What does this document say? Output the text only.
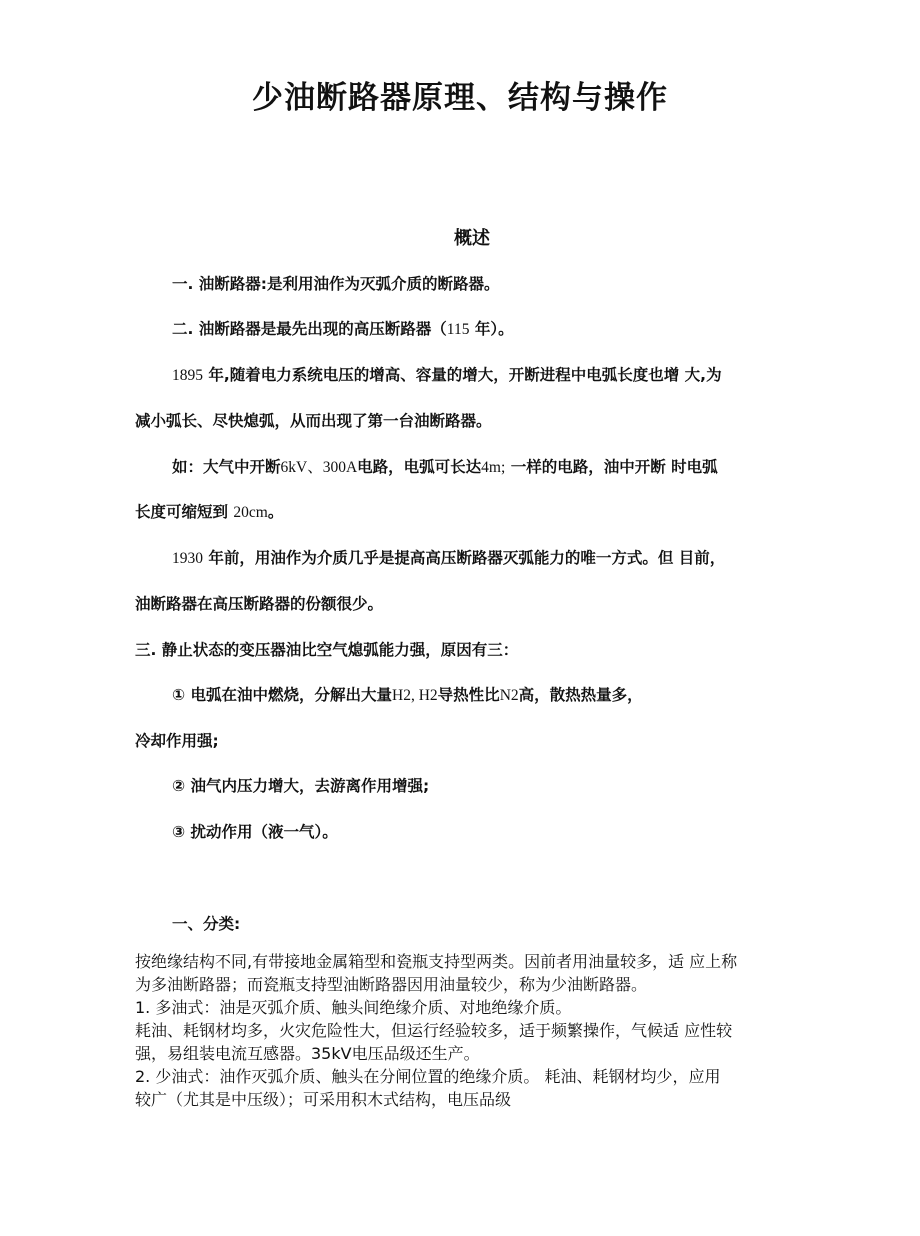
少油断路器原理、结构与操作
概述
一. 油断路器:是利用油作为灭弧介质的断路器。
二. 油断路器是最先出现的高压断路器（115 年）。
1895 年,随着电力系统电压的增高、容量的增大，开断进程中电弧长度也增 大,为
减小弧长、尽快熄弧，从而出现了第一台油断路器。
如：大气中开断6kV、300A电路，电弧可长达4m; 一样的电路，油中开断 时电弧
长度可缩短到 20cm。
1930 年前，用油作为介质几乎是提高高压断路器灭弧能力的唯一方式。但 目前，
油断路器在高压断路器的份额很少。
三. 静止状态的变压器油比空气熄弧能力强，原因有三：
① 电弧在油中燃烧，分解出大量H2, H2导热性比N2高，散热热量多，
冷却作用强;
② 油气内压力增大，去游离作用增强;
③ 扰动作用（液一气）。
一、分类:
按绝缘结构不同,有带接地金属箱型和瓷瓶支持型两类。因前者用油量较多，适 应上称
为多油断路器；而瓷瓶支持型油断路器因用油量较少，称为少油断路器。
1. 多油式：油是灭弧介质、触头间绝缘介质、对地绝缘介质。
耗油、耗钢材均多，火灾危险性大，但运行经验较多，适于频繁操作，气候适 应性较
强，易组装电流互感器。35kV电压品级还生产。
2. 少油式：油作灭弧介质、触头在分闸位置的绝缘介质。 耗油、耗钢材均少，应用
较广（尤其是中压级）；可采用积木式结构，电压品级
